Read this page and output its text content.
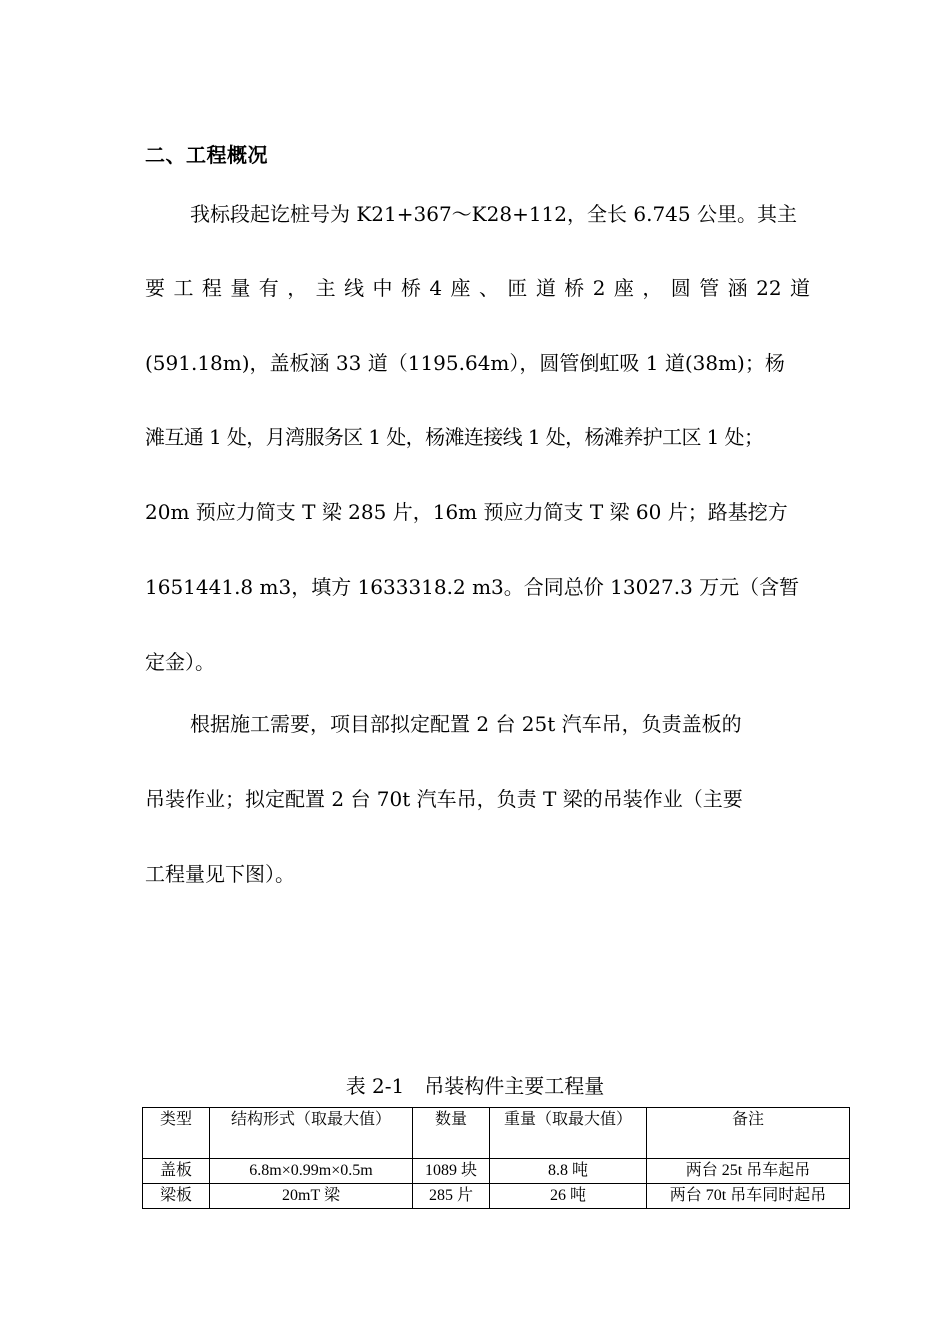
二、工程概况
我标段起讫桩号为 K21+367～K28+112，全长 6.745 公里。其主
要 工 程 量 有 ， 主 线 中 桥 4 座 、 匝 道 桥 2 座 ， 圆 管 涵 22 道
(591.18m)，盖板涵 33 道（1195.64m），圆管倒虹吸 1 道(38m)；杨
滩互通 1 处，月湾服务区 1 处，杨滩连接线 1 处，杨滩养护工区 1 处；
20m 预应力简支 T 梁 285 片，16m 预应力简支 T 梁 60 片；路基挖方
1651441.8 m3，填方 1633318.2 m3。合同总价 13027.3 万元（含暂
定金）。
根据施工需要，项目部拟定配置 2 台 25t 汽车吊，负责盖板的
吊装作业；拟定配置 2 台 70t 汽车吊，负责 T 梁的吊装作业（主要
工程量见下图）。
表 2-1　吊装构件主要工程量
类型	结构形式（取最大值）	数量	重量（取最大值）	备注
盖板	6.8m×0.99m×0.5m	1089 块	8.8 吨	两台 25t 吊车起吊
梁板	20mT 梁	285 片	26 吨	两台 70t 吊车同时起吊
